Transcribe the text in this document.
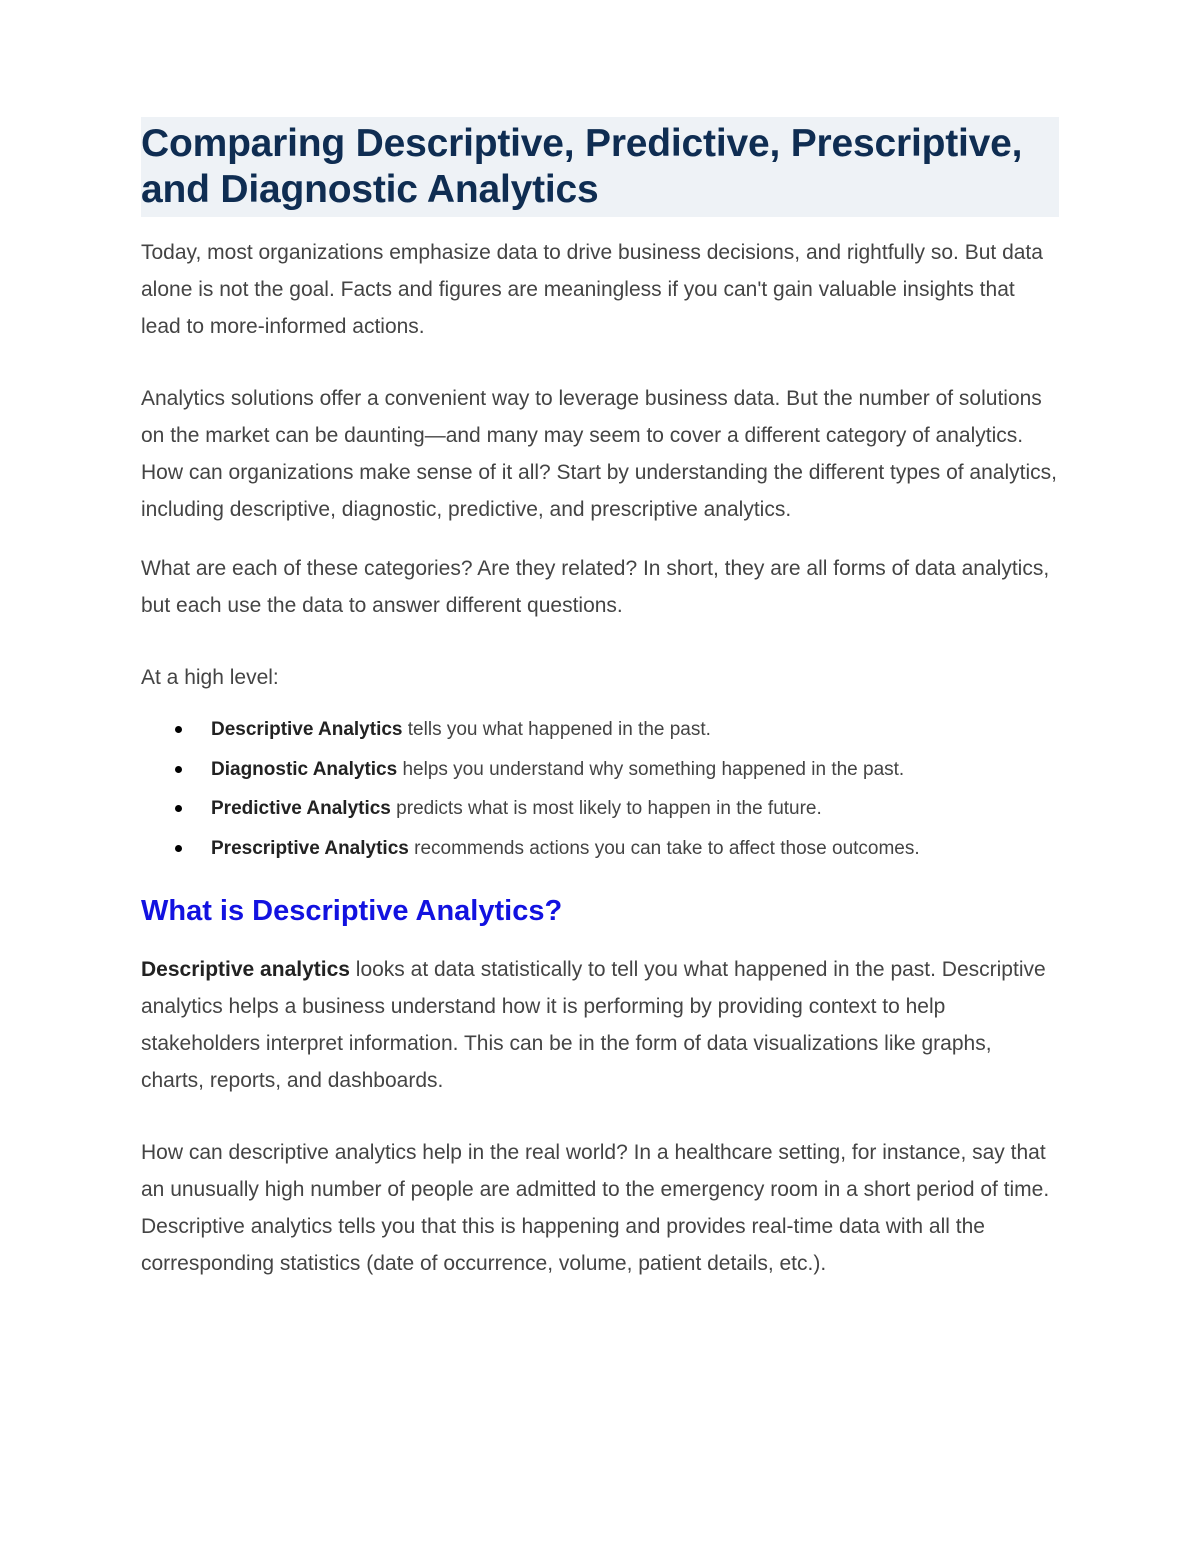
Comparing Descriptive, Predictive, Prescriptive, and Diagnostic Analytics

Today, most organizations emphasize data to drive business decisions, and rightfully so. But data alone is not the goal. Facts and figures are meaningless if you can't gain valuable insights that lead to more-informed actions.

Analytics solutions offer a convenient way to leverage business data. But the number of solutions on the market can be daunting—and many may seem to cover a different category of analytics. How can organizations make sense of it all? Start by understanding the different types of analytics, including descriptive, diagnostic, predictive, and prescriptive analytics.

What are each of these categories? Are they related? In short, they are all forms of data analytics, but each use the data to answer different questions.

At a high level:

Descriptive Analytics tells you what happened in the past.
Diagnostic Analytics helps you understand why something happened in the past.
Predictive Analytics predicts what is most likely to happen in the future.
Prescriptive Analytics recommends actions you can take to affect those outcomes.
What is Descriptive Analytics?

Descriptive analytics looks at data statistically to tell you what happened in the past. Descriptive analytics helps a business understand how it is performing by providing context to help stakeholders interpret information. This can be in the form of data visualizations like graphs, charts, reports, and dashboards.

How can descriptive analytics help in the real world? In a healthcare setting, for instance, say that an unusually high number of people are admitted to the emergency room in a short period of time. Descriptive analytics tells you that this is happening and provides real-time data with all the corresponding statistics (date of occurrence, volume, patient details, etc.).
